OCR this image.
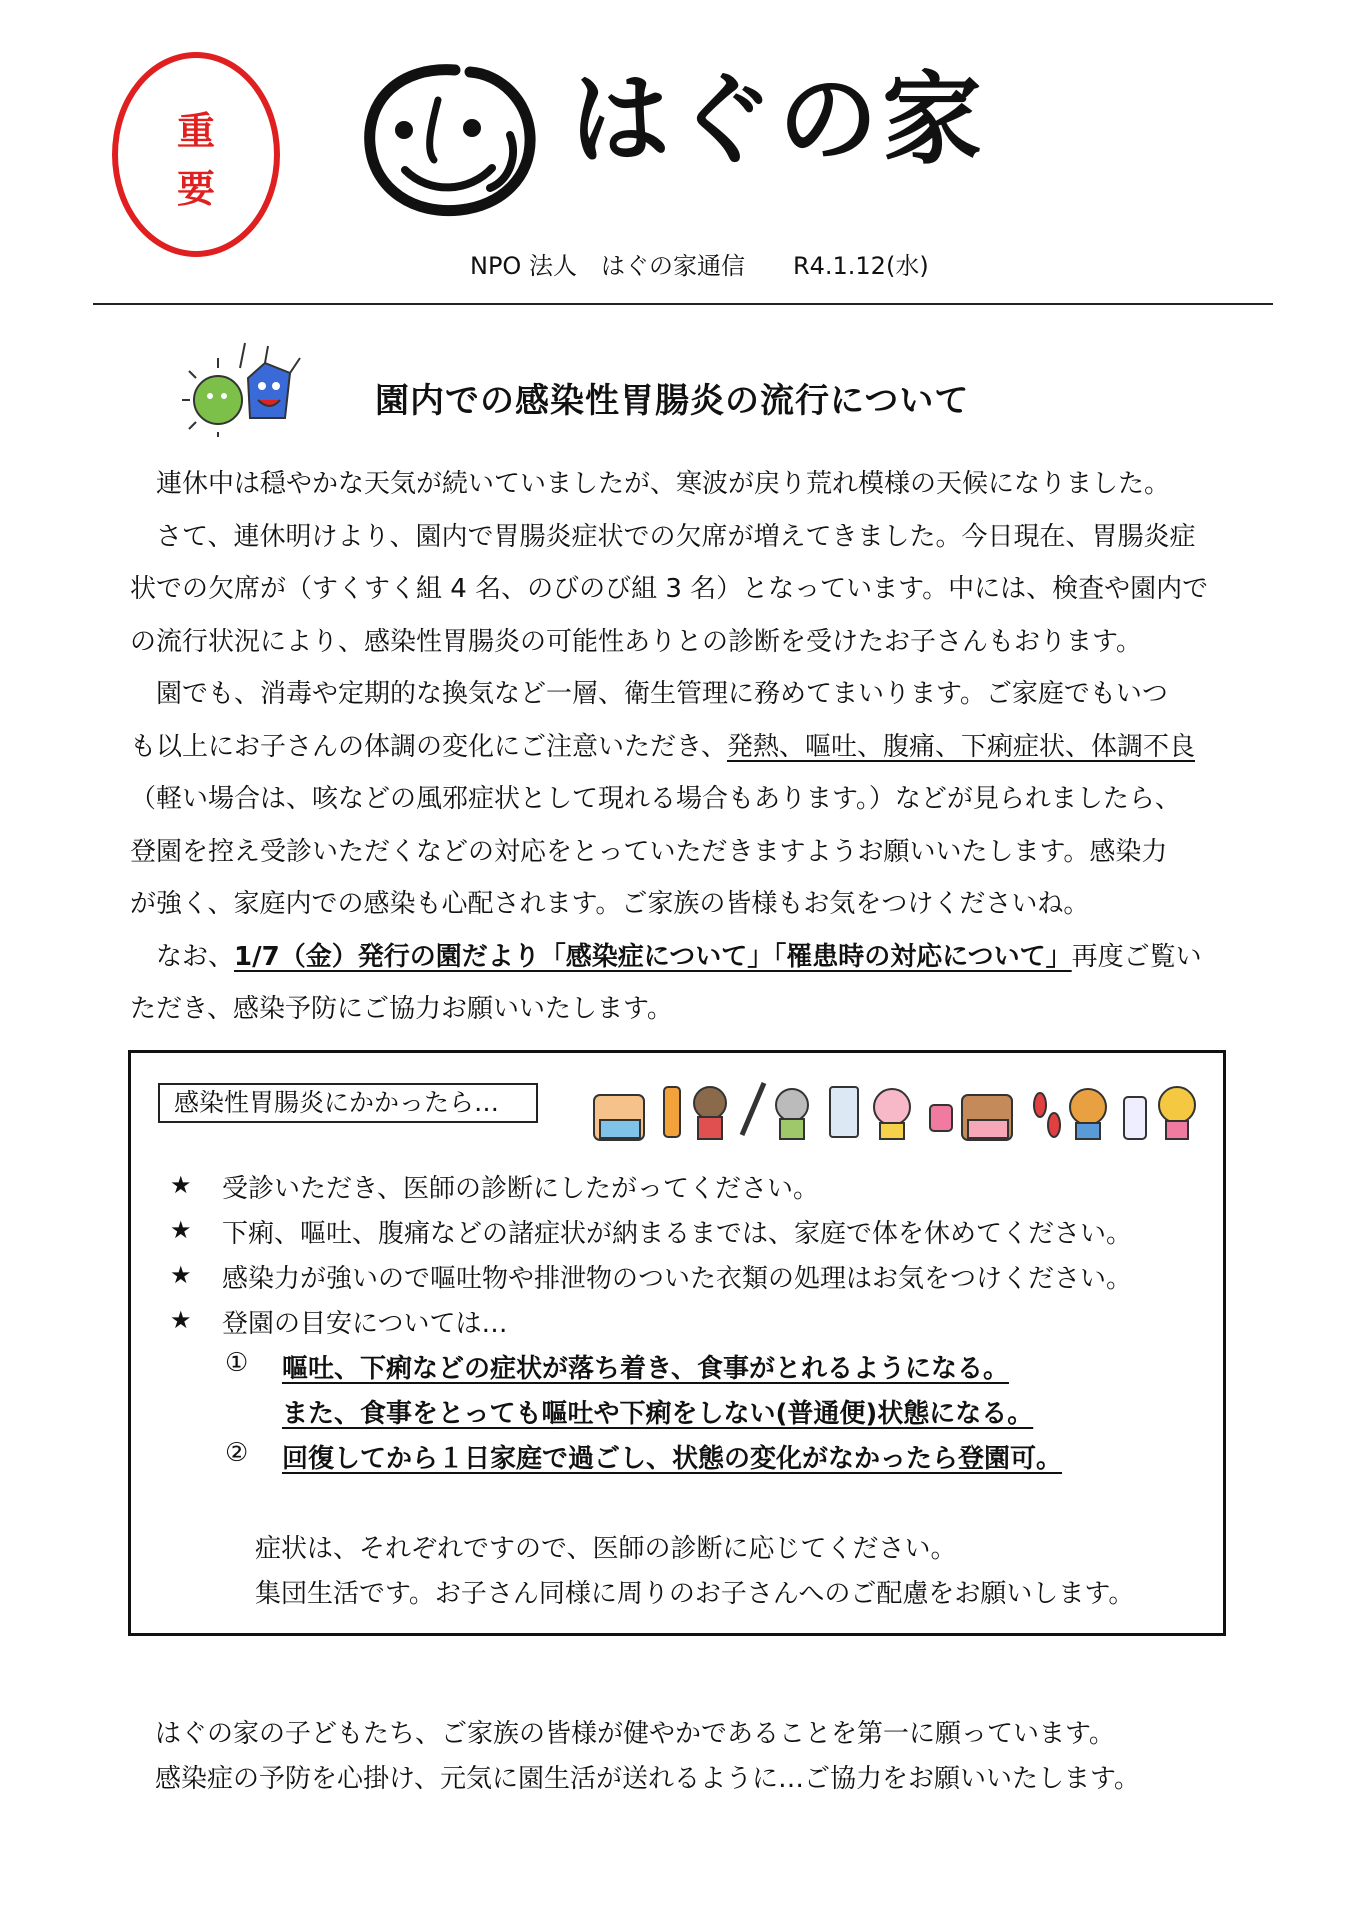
重
要
はぐの家
NPO 法人　はぐの家通信　　R4.1.12(水)
園内での感染性胃腸炎の流行について

　連休中は穏やかな天気が続いていましたが、寒波が戻り荒れ模様の天候になりました。

　さて、連休明けより、園内で胃腸炎症状での欠席が増えてきました。今日現在、胃腸炎症

状での欠席が（すくすく組 4 名、のびのび組 3 名）となっています。中には、検査や園内で

の流行状況により、感染性胃腸炎の可能性ありとの診断を受けたお子さんもおります。

　園でも、消毒や定期的な換気など一層、衛生管理に務めてまいります。ご家庭でもいつ

も以上にお子さんの体調の変化にご注意いただき、発熱、嘔吐、腹痛、下痢症状、体調不良

（軽い場合は、咳などの風邪症状として現れる場合もあります。）などが見られましたら、

登園を控え受診いただくなどの対応をとっていただきますようお願いいたします。感染力

が強く、家庭内での感染も心配されます。ご家族の皆様もお気をつけくださいね。

　なお、1/7（金）発行の園だより「感染症について」「罹患時の対応について」再度ご覧い

ただき、感染予防にご協力お願いいたします。

感染性胃腸炎にかかったら…
★ 受診いただき、医師の診断にしたがってください。
★ 下痢、嘔吐、腹痛などの諸症状が納まるまでは、家庭で体を休めてください。
★ 感染力が強いので嘔吐物や排泄物のついた衣類の処理はお気をつけください。
★ 登園の目安については…
① 嘔吐、下痢などの症状が落ち着き、食事がとれるようになる。
また、食事をとっても嘔吐や下痢をしない(普通便)状態になる。
② 回復してから１日家庭で過ごし、状態の変化がなかったら登園可。
症状は、それぞれですので、医師の診断に応じてください。
集団生活です。お子さん同様に周りのお子さんへのご配慮をお願いします。
はぐの家の子どもたち、ご家族の皆様が健やかであることを第一に願っています。
感染症の予防を心掛け、元気に園生活が送れるように…ご協力をお願いいたします。
